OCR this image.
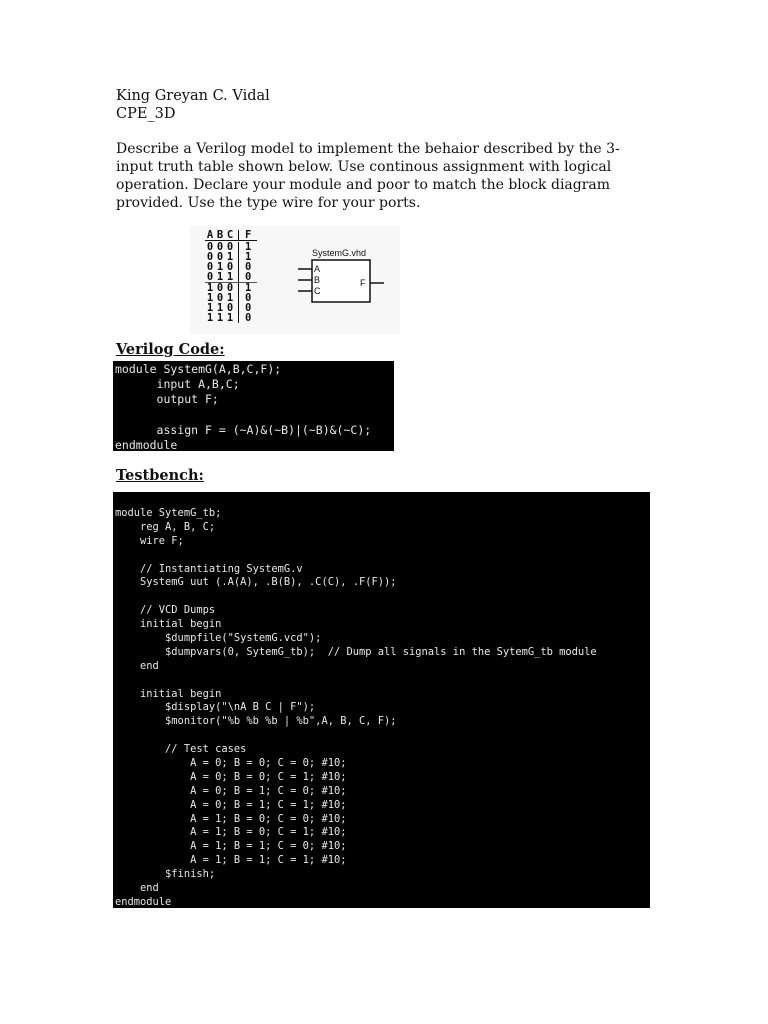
King Greyan C. Vidal
CPE_3D

Describe a Verilog model to implement the behaior described by the 3-input truth table shown below. Use continous assignment with logical operation. Declare your module and poor to match the block diagram provided. Use the type wire for your ports.

A B C F
0 0 0 1
0 0 1 1
0 1 0 0
0 1 1 0
1 0 0 1
1 0 1 0
1 1 0 0
1 1 1 0
SystemG.vhd
A
B
C
F
Verilog Code:
module SystemG(A,B,C,F);
input A,B,C;
output F;

assign F = (~A)&(~B)|(~B)&(~C);
endmodule
Testbench:
module SytemG_tb;
reg A, B, C;
wire F;

// Instantiating SystemG.v
SystemG uut (.A(A), .B(B), .C(C), .F(F));

// VCD Dumps
initial begin
$dumpfile("SystemG.vcd");
$dumpvars(0, SytemG_tb);  // Dump all signals in the SytemG_tb module
end

initial begin
$display("\nA B C | F");
$monitor("%b %b %b | %b",A, B, C, F);

// Test cases
A = 0; B = 0; C = 0; #10;
A = 0; B = 0; C = 1; #10;
A = 0; B = 1; C = 0; #10;
A = 0; B = 1; C = 1; #10;
A = 1; B = 0; C = 0; #10;
A = 1; B = 0; C = 1; #10;
A = 1; B = 1; C = 0; #10;
A = 1; B = 1; C = 1; #10;
$finish;
end
endmodule
